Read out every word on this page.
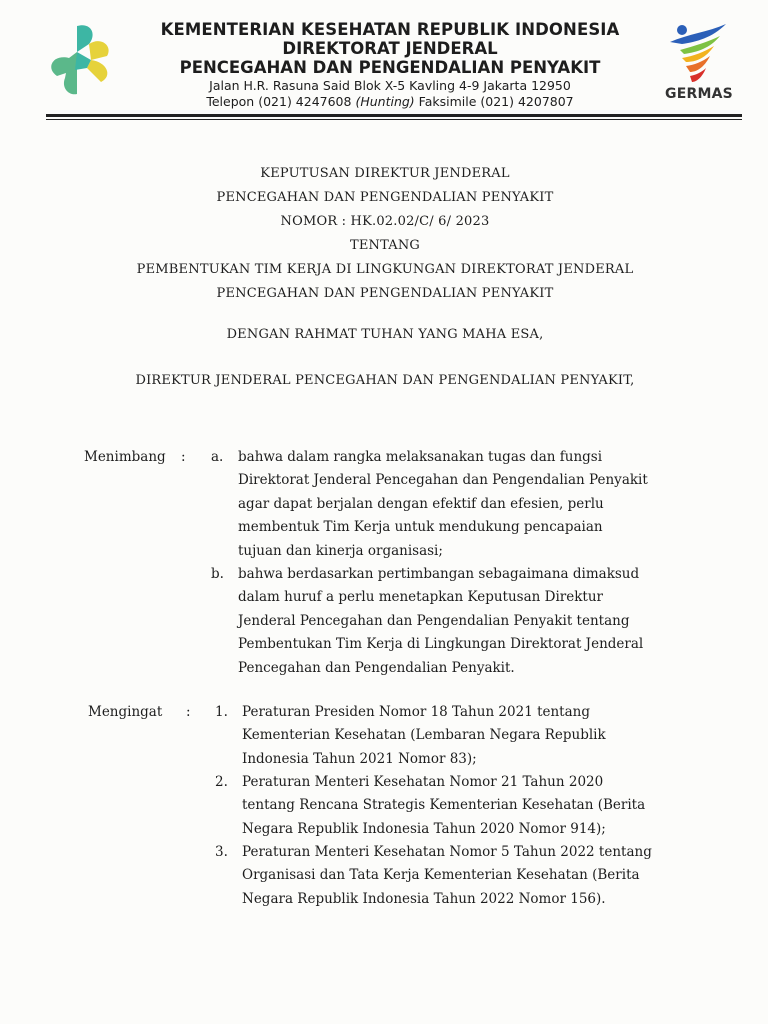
KEMENTERIAN KESEHATAN REPUBLIK INDONESIA
DIREKTORAT JENDERAL
PENCEGAHAN DAN PENGENDALIAN PENYAKIT
Jalan H.R. Rasuna Said Blok X-5 Kavling 4-9 Jakarta 12950
Telepon (021) 4247608 (Hunting) Faksimile (021) 4207807	GERMAS
KEPUTUSAN DIREKTUR JENDERAL
PENCEGAHAN DAN PENGENDALIAN PENYAKIT
NOMOR : HK.02.02/C/ 6/ 2023
TENTANG
PEMBENTUKAN TIM KERJA DI LINGKUNGAN DIREKTORAT JENDERAL
PENCEGAHAN DAN PENGENDALIAN PENYAKIT
DENGAN RAHMAT TUHAN YANG MAHA ESA,
DIREKTUR JENDERAL PENCEGAHAN DAN PENGENDALIAN PENYAKIT,
Menimbang : a. bahwa dalam rangka melaksanakan tugas dan fungsi

Direktorat Jenderal Pencegahan dan Pengendalian Penyakit

agar dapat berjalan dengan efektif dan efesien, perlu

membentuk Tim Kerja untuk mendukung pencapaian

tujuan dan kinerja organisasi;

b. bahwa berdasarkan pertimbangan sebagaimana dimaksud

dalam huruf a perlu menetapkan Keputusan Direktur

Jenderal Pencegahan dan Pengendalian Penyakit tentang

Pembentukan Tim Kerja di Lingkungan Direktorat Jenderal

Pencegahan dan Pengendalian Penyakit.

Mengingat : 1. Peraturan Presiden Nomor 18 Tahun 2021 tentang

Kementerian Kesehatan (Lembaran Negara Republik

Indonesia Tahun 2021 Nomor 83);

2. Peraturan Menteri Kesehatan Nomor 21 Tahun 2020

tentang Rencana Strategis Kementerian Kesehatan (Berita

Negara Republik Indonesia Tahun 2020 Nomor 914);

3. Peraturan Menteri Kesehatan Nomor 5 Tahun 2022 tentang

Organisasi dan Tata Kerja Kementerian Kesehatan (Berita

Negara Republik Indonesia Tahun 2022 Nomor 156).
